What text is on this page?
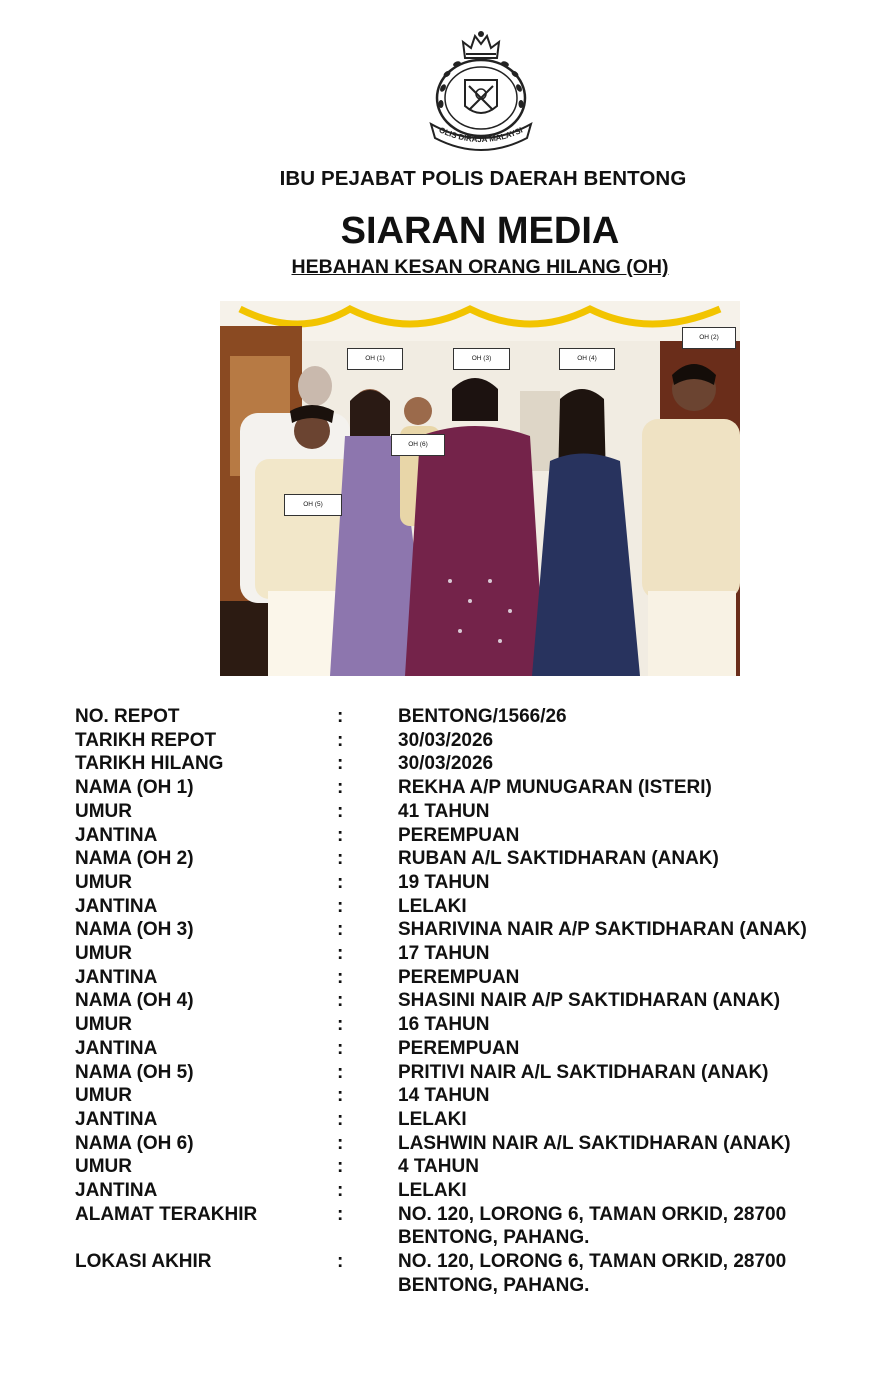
OLIS DIRAJA MALAYSI
IBU PEJABAT POLIS DAERAH BENTONG
SIARAN MEDIA
HEBAHAN KESAN ORANG HILANG (OH)
OH (1)
OH (2)
OH (3)	OH (4)
OH (5)
OH (6)
NO. REPOT	:	BENTONG/1566/26
TARIKH REPOT	:	30/03/2026
TARIKH HILANG	:	30/03/2026
NAMA (OH 1)	:	REKHA A/P MUNUGARAN (ISTERI)
UMUR	:	41 TAHUN
JANTINA	:	PEREMPUAN
NAMA (OH 2)	:	RUBAN A/L SAKTIDHARAN (ANAK)
UMUR	:	19 TAHUN
JANTINA	:	LELAKI
NAMA (OH 3)	:	SHARIVINA NAIR A/P SAKTIDHARAN (ANAK)
UMUR	:	17 TAHUN
JANTINA	:	PEREMPUAN
NAMA (OH 4)	:	SHASINI NAIR A/P SAKTIDHARAN (ANAK)
UMUR	:	16 TAHUN
JANTINA	:	PEREMPUAN
NAMA (OH 5)	:	PRITIVI NAIR A/L SAKTIDHARAN (ANAK)
UMUR	:	14 TAHUN
JANTINA	:	LELAKI
NAMA (OH 6)	:	LASHWIN NAIR A/L SAKTIDHARAN (ANAK)
UMUR	:	4 TAHUN
JANTINA	:	LELAKI
ALAMAT TERAKHIR	:	NO. 120, LORONG 6, TAMAN ORKID, 28700
BENTONG, PAHANG.
LOKASI AKHIR	:	NO. 120, LORONG 6, TAMAN ORKID, 28700
BENTONG, PAHANG.
